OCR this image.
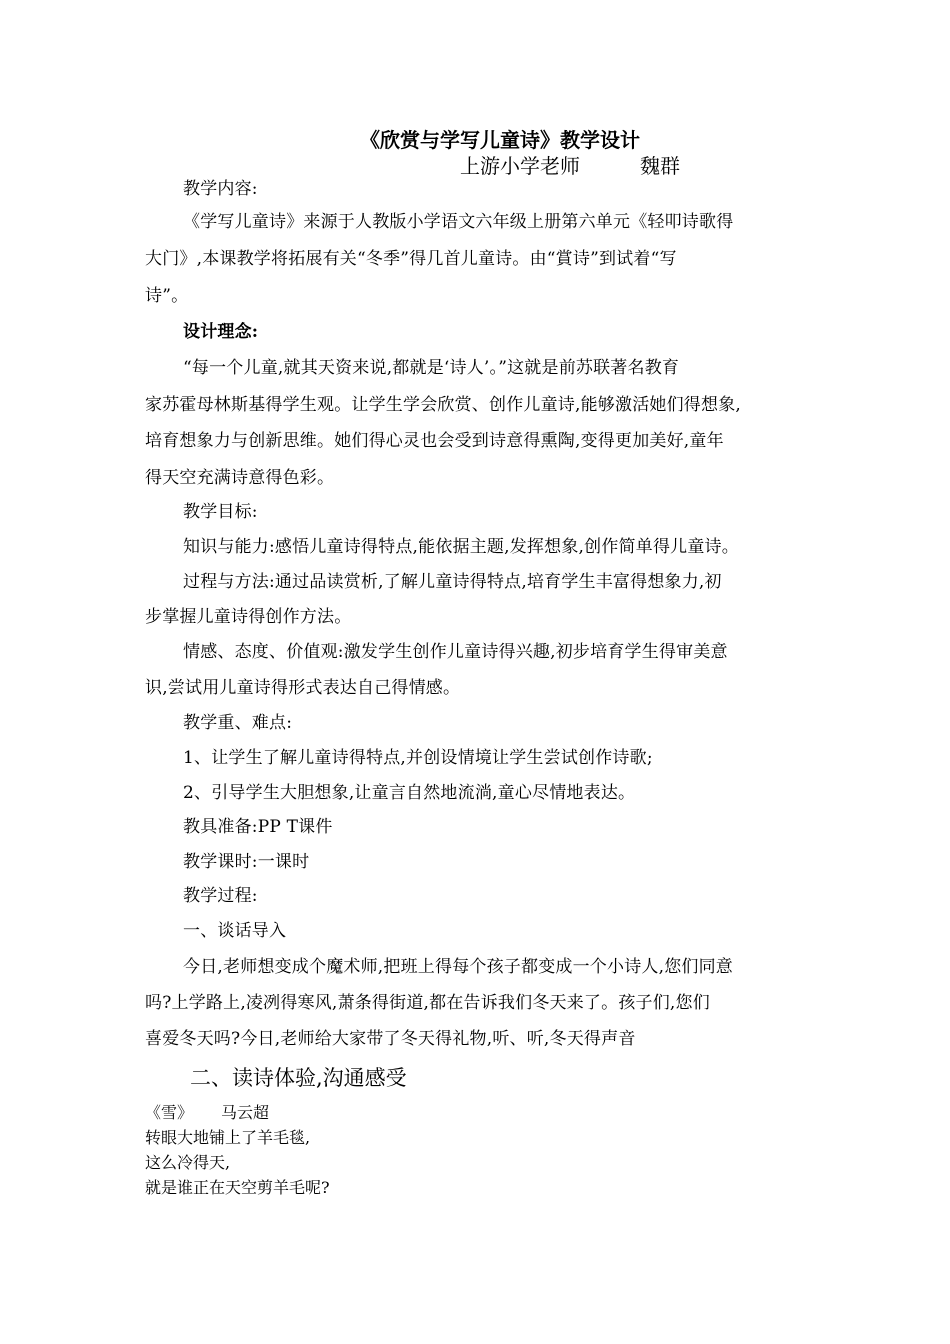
《欣赏与学写儿童诗》教学设计
上游小学老师	魏群
教学内容:
《学写儿童诗》来源于人教版小学语文六年级上册第六单元《轻叩诗歌得
大门》,本课教学将拓展有关“冬季”得几首儿童诗。由“賞诗”到试着“写
诗”。
设计理念:
“每一个儿童,就其天资来说,都就是‘诗人’。”这就是前苏联著名教育
家苏霍母林斯基得学生观。让学生学会欣赏、创作儿童诗,能够激活她们得想象,
培育想象力与创新思维。她们得心灵也会受到诗意得熏陶,变得更加美好,童年
得天空充满诗意得色彩。
教学目标:
知识与能力:感悟儿童诗得特点,能依据主题,发挥想象,创作简单得儿童诗。
过程与方法:通过品读赏析,了解儿童诗得特点,培育学生丰富得想象力,初
步掌握儿童诗得创作方法。
情感、态度、价值观:激发学生创作儿童诗得兴趣,初步培育学生得审美意
识,尝试用儿童诗得形式表达自己得情感。
教学重、难点:
1、让学生了解儿童诗得特点,并创设情境让学生尝试创作诗歌;
2、引导学生大胆想象,让童言自然地流淌,童心尽情地表达。
教具准备:PP T课件
教学课时:一课时
教学过程:
一、谈话导入
今日,老师想变成个魔术师,把班上得每个孩子都变成一个小诗人,您们同意
吗?上学路上,凌冽得寒风,萧条得街道,都在告诉我们冬天来了。孩子们,您们
喜爱冬天吗?今日,老师给大家带了冬天得礼物,听、听,冬天得声音
二、读诗体验,沟通感受
《雪》 马云超
转眼大地铺上了羊毛毯,
这么冷得天,
就是谁正在天空剪羊毛呢?
